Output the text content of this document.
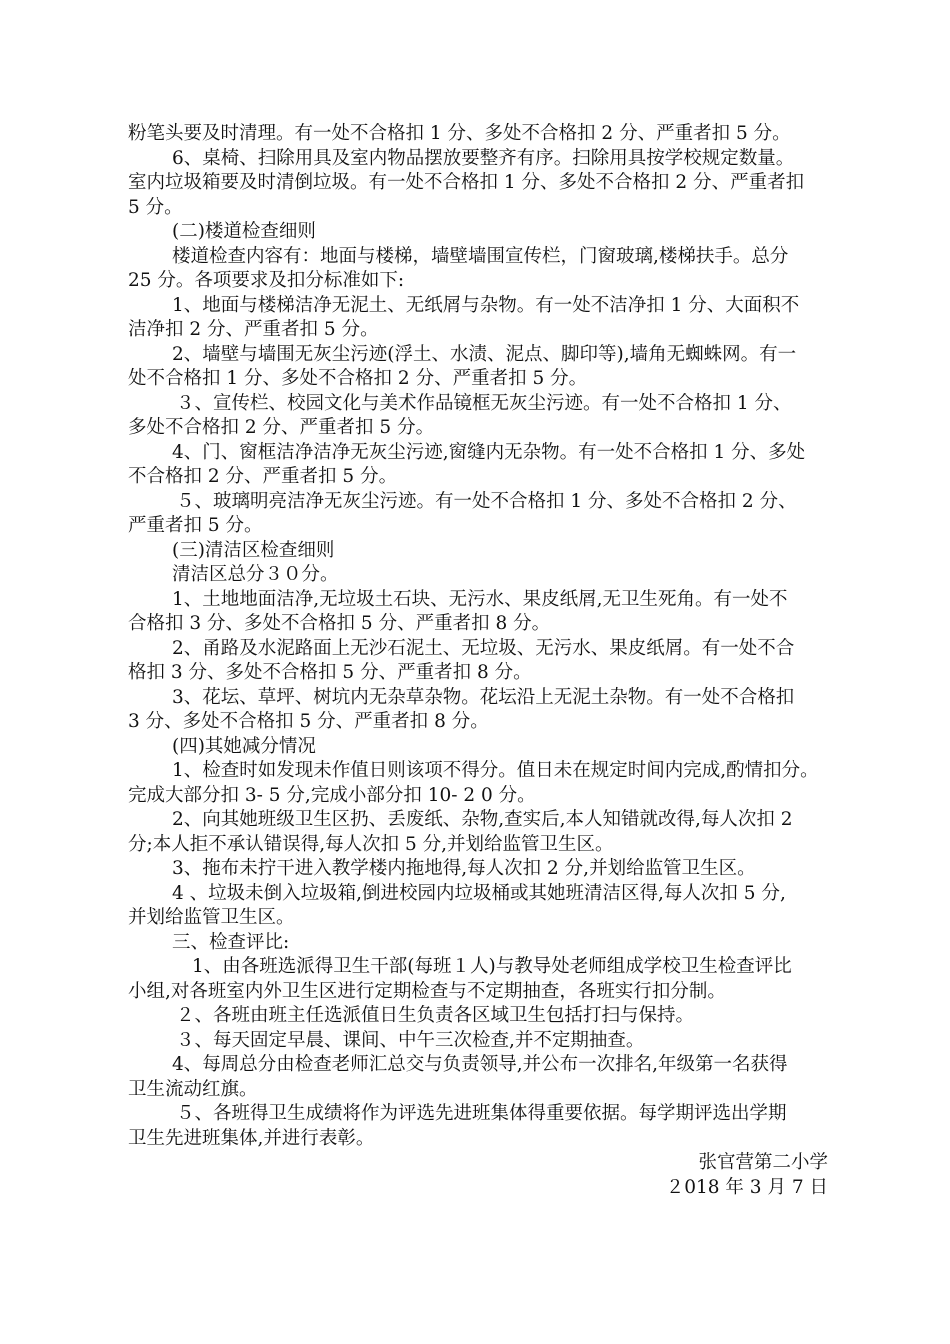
粉笔头要及时清理。有一处不合格扣 1 分、多处不合格扣 2 分、严重者扣 5 分。
6、桌椅、扫除用具及室内物品摆放要整齐有序。扫除用具按学校规定数量。
室内垃圾箱要及时清倒垃圾。有一处不合格扣 1 分、多处不合格扣 2 分、严重者扣
5 分。
(二)楼道检查细则
楼道检查内容有：地面与楼梯，墙壁墙围宣传栏，门窗玻璃,楼梯扶手。总分
25 分。各项要求及扣分标准如下:
1、地面与楼梯洁净无泥土、无纸屑与杂物。有一处不洁净扣 1 分、大面积不
洁净扣 2 分、严重者扣 5 分。
2、墙壁与墙围无灰尘污迹(浮土、水渍、泥点、脚印等),墙角无蜘蛛网。有一
处不合格扣 1 分、多处不合格扣 2 分、严重者扣 5 分。
３、宣传栏、校园文化与美术作品镜框无灰尘污迹。有一处不合格扣 1 分、
多处不合格扣 2 分、严重者扣 5 分。
4、门、窗框洁净洁净无灰尘污迹,窗缝内无杂物。有一处不合格扣 1 分、多处
不合格扣 2 分、严重者扣 5 分。
５、玻璃明亮洁净无灰尘污迹。有一处不合格扣 1 分、多处不合格扣 2 分、
严重者扣 5 分。
(三)清洁区检查细则
清洁区总分３０分。
1、土地地面洁净,无垃圾土石块、无污水、果皮纸屑,无卫生死角。有一处不
合格扣 3 分、多处不合格扣 5 分、严重者扣 8 分。
2、甬路及水泥路面上无沙石泥土、无垃圾、无污水、果皮纸屑。有一处不合
格扣 3 分、多处不合格扣 5 分、严重者扣 8 分。
3、花坛、草坪、树坑内无杂草杂物。花坛沿上无泥土杂物。有一处不合格扣
3 分、多处不合格扣 5 分、严重者扣 8 分。
(四)其她减分情况
1、检查时如发现未作值日则该项不得分。值日未在规定时间内完成,酌情扣分。
完成大部分扣 3- 5 分,完成小部分扣 10- 2 0 分。
2、向其她班级卫生区扔、丢废纸、杂物,查实后,本人知错就改得,每人次扣 2
分;本人拒不承认错误得,每人次扣 5 分,并划给监管卫生区。
3、拖布未拧干进入教学楼内拖地得,每人次扣 2 分,并划给监管卫生区。
4 、垃圾未倒入垃圾箱,倒进校园内垃圾桶或其她班清洁区得,每人次扣 5 分,
并划给监管卫生区。
三、检查评比:
1、由各班选派得卫生干部(每班１人)与教导处老师组成学校卫生检查评比
小组,对各班室内外卫生区进行定期检查与不定期抽查，各班实行扣分制。
２、各班由班主任选派值日生负责各区域卫生包括打扫与保持。
３、每天固定早晨、课间、中午三次检查,并不定期抽查。
4、每周总分由检查老师汇总交与负责领导,并公布一次排名,年级第一名获得
卫生流动红旗。
５、各班得卫生成绩将作为评选先进班集体得重要依据。每学期评选出学期
卫生先进班集体,并进行表彰。
张官营第二小学
２018 年 3 月 7 日
